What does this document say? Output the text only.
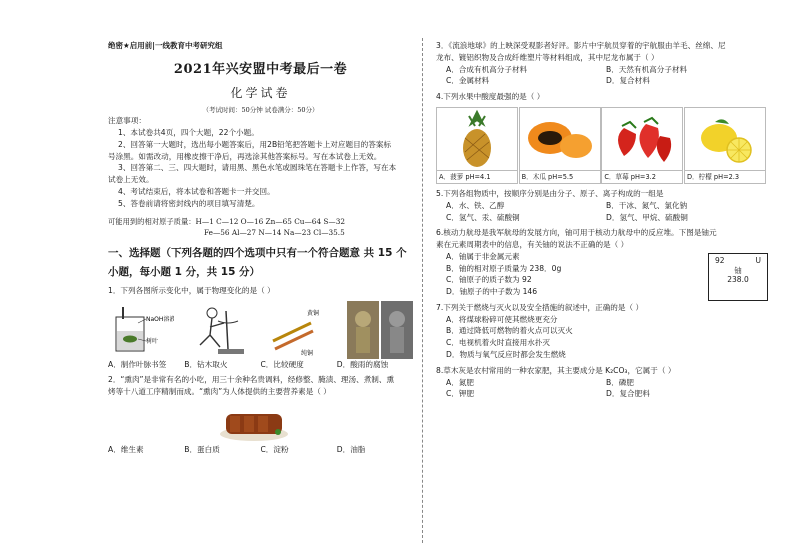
绝密★启用前|一线教育中考研究组
2021年兴安盟中考最后一卷
化学试卷
（考试时间：50分钟 试卷满分：50分）

注意事项：

1、本试卷共4页，四个大题，22个小题。

2、回答第一大题时，选出每小题答案后，用2B铅笔把答题卡上对应题目的答案标

号涂黑。如需改动，用橡皮擦干净后，再选涂其他答案标号。写在本试卷上无效。

3、回答第二、三、四大题时，请用黑、黑色水笔或圆珠笔在答题卡上作答，写在本

试卷上无效。

4、考试结束后，将本试卷和答题卡一并交回。

5、答卷前请将密封线内的项目填写清楚。

可能用到的相对原子质量：H—1 C—12 O—16 Zn—65 Cu—64 S—32
Fe—56 Al—27 N—14 Na—23 Cl—35.5
一、选择题（下列各题的四个选项中只有一个符合题意 共 15 个小题，每小题 1 分，共 15 分）
1．下列各图所示变化中，属于物理变化的是（ ）
NaOH溶液
树叶
黄铜
纯铜
A．制作叶脉书签	B．钻木取火	C．比较硬度	D．酸雨的腐蚀
2．“熏肉”是非常有名的小吃，用三十余种名贵调料，经修整、腌渍、理汤、煮制、熏
烤等十八道工序精制而成。“熏肉”为人体提供的主要营养素是（ ）
A．维生素	B．蛋白质	C．淀粉	D．油脂
3．《流浪地球》的上映深受观影者好评。影片中宇航员穿着的宇航服由羊毛、丝绵、尼
龙布、镀铝织物及合成纤维塑片等材料组成，其中尼龙布属于（ ）
A．合成有机高分子材料	B．天然有机高分子材料
C．金属材料	D．复合材料
4.下列水果中酸度最强的是（ ）
A．菠萝 pH=4.1	B．木瓜 pH=5.5	C．草莓 pH=3.2	D．柠檬 pH=2.3
5.下列各组物质中，按顺序分别是由分子、原子、离子构成的一组是
A．水、铁、乙醇	B．干冰、氮气、氯化钠
C．氢气、汞、硫酸铜	D．氢气、甲烷、硫酸铜
6.核动力航母是我军航母的发展方向，铀可用于核动力航母中的反应堆。下图是铀元
素在元素周期表中的信息，有关铀的说法不正确的是（ ）
A．铀属于非金属元素
B．铀的相对原子质量为 238．0g
C．铀原子的质子数为 92
D．铀原子的中子数为 146
92	U
铀
238.0
7.下列关于燃烧与灭火以及安全措施的叙述中，正确的是（ ）
A．将煤球粉碎可使其燃烧更充分
B．通过降低可燃物的着火点可以灭火
C．电视机着火时直接用水扑灭
D．物质与氧气反应时都会发生燃烧
8.草木灰是农村常用的一种农家肥，其主要成分是 K₂CO₃，它属于（ ）
A．氮肥	B．磷肥
C．钾肥	D．复合肥料
